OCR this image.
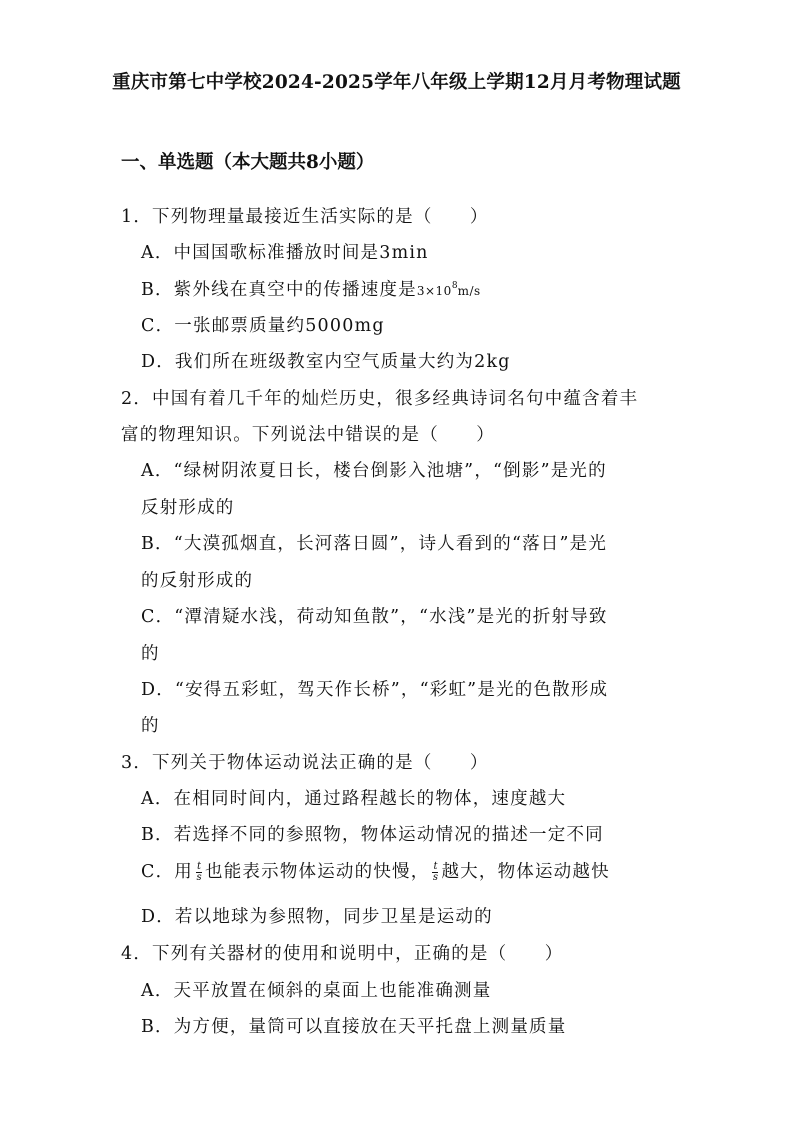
重庆市第七中学校2024-2025学年八年级上学期12月月考物理试题
一、单选题（本大题共8小题）
1．下列物理量最接近生活实际的是（　　）
A．中国国歌标准播放时间是3min
B．紫外线在真空中的传播速度是$3\times 10^8m/s$
C．一张邮票质量约5000mg
D．我们所在班级教室内空气质量大约为2kg
2．中国有着几千年的灿烂历史，很多经典诗词名句中蕴含着丰
富的物理知识。下列说法中错误的是（　　）
A．“绿树阴浓夏日长，楼台倒影入池塘”，“倒影”是光的
反射形成的
B．“大漠孤烟直，长河落日圆”，诗人看到的“落日”是光
的反射形成的
C．“潭清疑水浅，荷动知鱼散”，“水浅”是光的折射导致
的
D．“安得五彩虹，驾天作长桥”，“彩虹”是光的色散形成
的
3．下列关于物体运动说法正确的是（　　）
A．在相同时间内，通过路程越长的物体，速度越大
B．若选择不同的参照物，物体运动情况的描述一定不同
C．用 $\frac{t}{s}$ 也能表示物体运动的快慢， $\frac{t}{s}$ 越大，物体运动越快
D．若以地球为参照物，同步卫星是运动的
4．下列有关器材的使用和说明中，正确的是（　　）
A．天平放置在倾斜的桌面上也能准确测量
B．为方便，量筒可以直接放在天平托盘上测量质量
